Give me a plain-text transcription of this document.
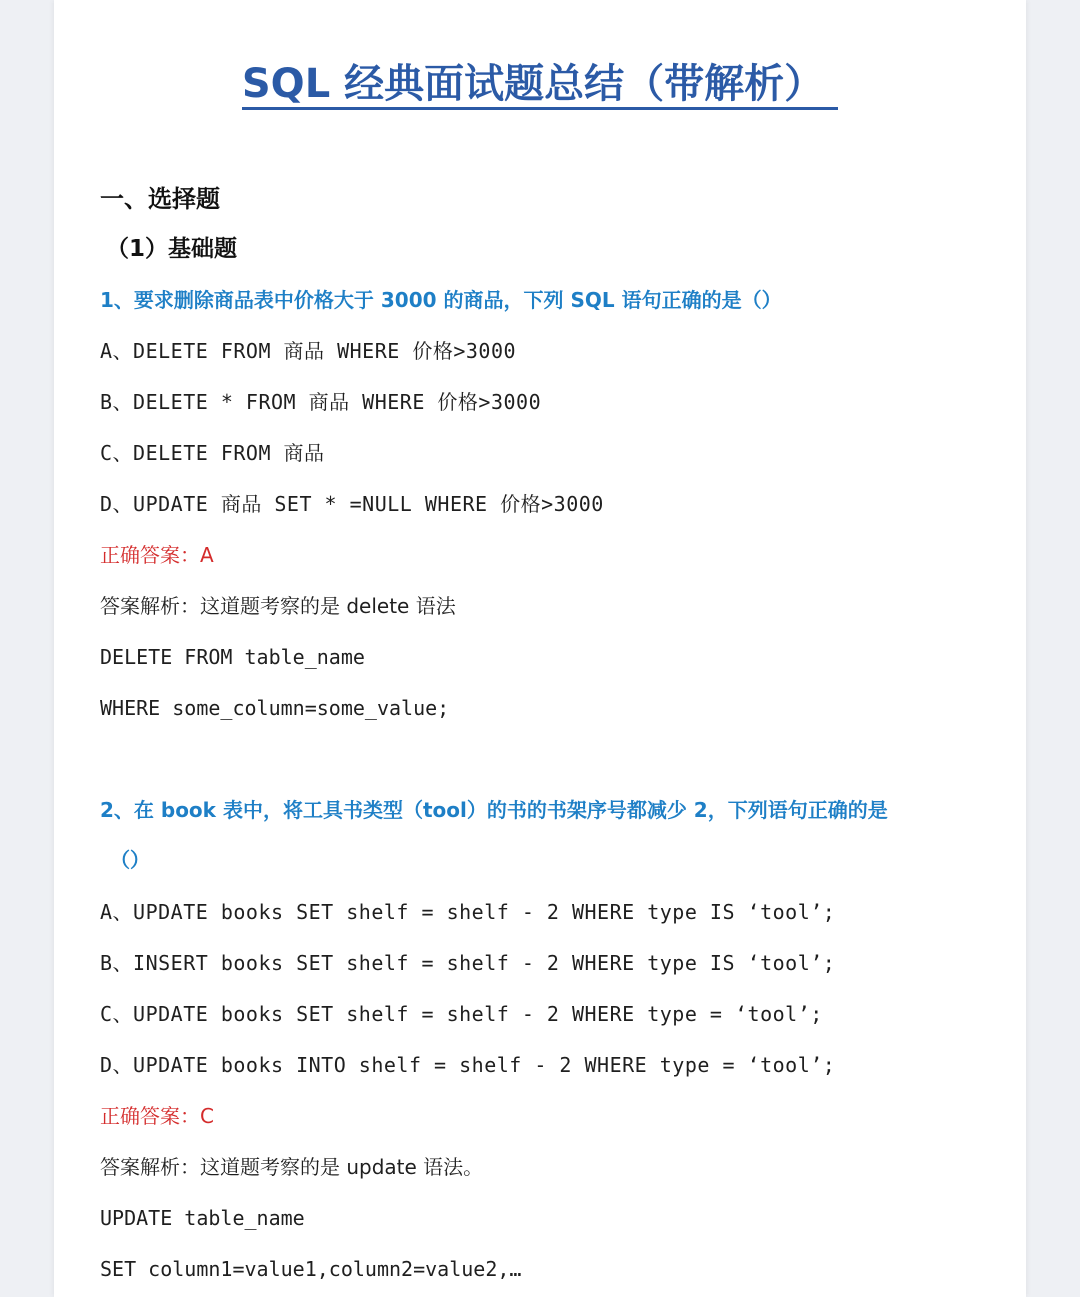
SQL 经典面试题总结（带解析）
一、选择题
（1）基础题
1、要求删除商品表中价格大于 3000 的商品，下列 SQL 语句正确的是（）
A、DELETE FROM 商品 WHERE 价格>3000
B、DELETE * FROM 商品 WHERE 价格>3000
C、DELETE FROM 商品
D、UPDATE 商品 SET * =NULL WHERE 价格>3000
正确答案：A
答案解析：这道题考察的是 delete 语法
DELETE FROM table_name
WHERE some_column=some_value;
2、在 book 表中，将工具书类型（tool）的书的书架序号都减少 2，下列语句正确的是
（）
A、UPDATE books SET shelf = shelf - 2 WHERE type IS ‘tool’;
B、INSERT books SET shelf = shelf - 2 WHERE type IS ‘tool’;
C、UPDATE books SET shelf = shelf - 2 WHERE type = ‘tool’;
D、UPDATE books INTO shelf = shelf - 2 WHERE type = ‘tool’;
正确答案：C
答案解析：这道题考察的是 update 语法。
UPDATE table_name
SET column1=value1,column2=value2,…
